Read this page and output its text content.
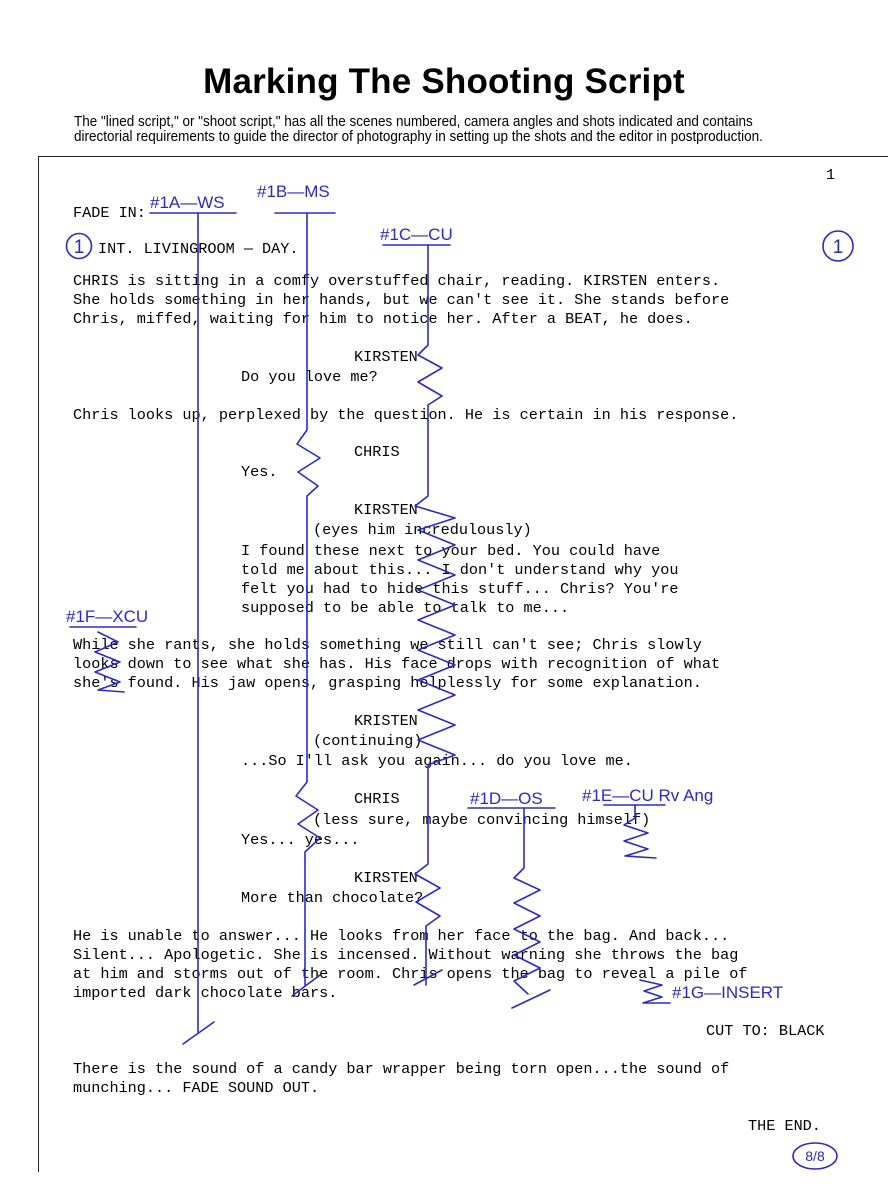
Marking The Shooting Script
The "lined script," or "shoot script," has all the scenes numbered, camera angles and shots indicated and contains
directorial requirements to guide the director of photography in setting up the shots and the editor in postproduction.
1
FADE IN:
INT. LIVINGROOM — DAY.
CHRIS is sitting in a comfy overstuffed chair, reading. KIRSTEN enters.
She holds something in her hands, but we can't see it. She stands before
Chris, miffed, waiting for him to notice her. After a BEAT, he does.
KIRSTEN
Do you love me?
Chris looks up, perplexed by the question. He is certain in his response.
CHRIS
Yes.
KIRSTEN
(eyes him incredulously)
I found these next to your bed. You could have
told me about this... I don't understand why you
felt you had to hide this stuff... Chris? You're
supposed to be able to talk to me...
While she rants, she holds something we still can't see; Chris slowly
looks down to see what she has. His face drops with recognition of what
she's found. His jaw opens, grasping helplessly for some explanation.
KRISTEN
(continuing)
...So I'll ask you again... do you love me.
CHRIS
(less sure, maybe convincing himself)
Yes... yes...
KIRSTEN
More than chocolate?
He is unable to answer... He looks from her face to the bag. And back...
Silent... Apologetic. She is incensed. Without warning she throws the bag
at him and storms out of the room. Chris opens the bag to reveal a pile of
imported dark chocolate bars.
CUT TO: BLACK
There is the sound of a candy bar wrapper being torn open...the sound of
munching... FADE SOUND OUT.
THE END.
#1A—WS
#1B—MS
#1C—CU
#1D—OS #1E—CU Rv Ang
#1F—XCU
#1G—INSERT
1	1
8/8
